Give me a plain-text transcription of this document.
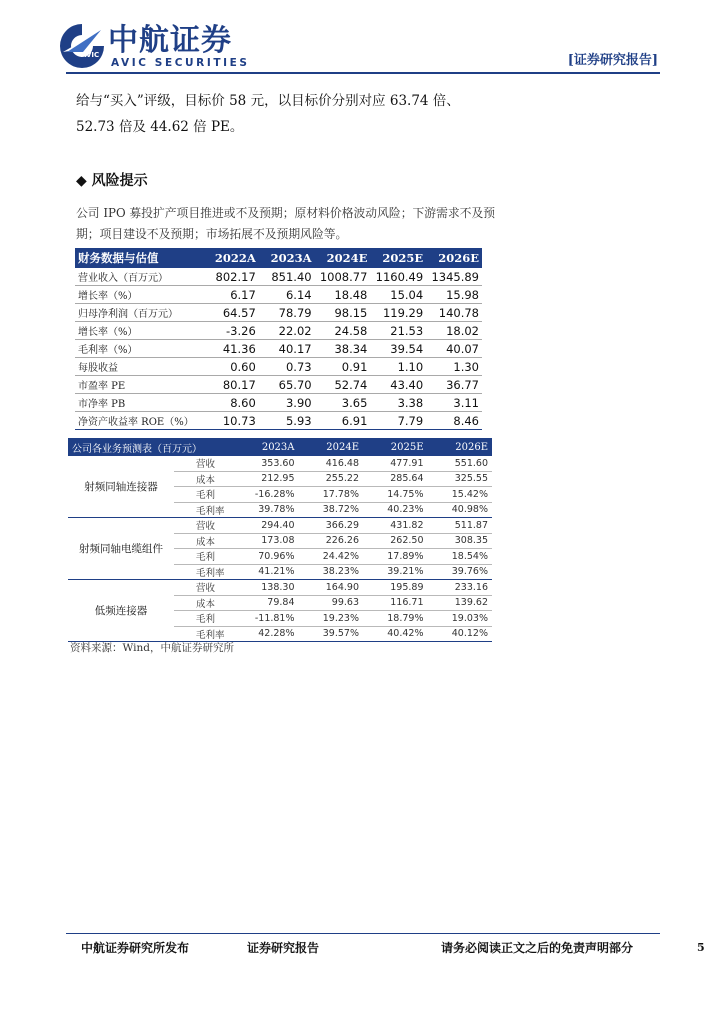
AVIC 中航证券
AVIC SECURITIES	[证券研究报告]
给与“买入”评级，目标价 58 元，以目标价分别对应 63.74 倍、52.73 倍及 44.62 倍 PE。
◆ 风险提示
公司 IPO 募投扩产项目推进或不及预期；原材料价格波动风险；下游需求不及预期；项目建设不及预期；市场拓展不及预期风险等。
财务数据与估值	2022A	2023A	2024E	2025E	2026E
营业收入（百万元）	802.17	851.40	1008.77	1160.49	1345.89
增长率（%）	6.17	6.14	18.48	15.04	15.98
归母净利润（百万元）	64.57	78.79	98.15	119.29	140.78
增长率（%）	-3.26	22.02	24.58	21.53	18.02
毛利率（%）	41.36	40.17	38.34	39.54	40.07
每股收益	0.60	0.73	0.91	1.10	1.30
市盈率 PE	80.17	65.70	52.74	43.40	36.77
市净率 PB	8.60	3.90	3.65	3.38	3.11
净资产收益率 ROE（%）	10.73	5.93	6.91	7.79	8.46
公司各业务预测表（百万元）		2023A	2024E	2025E	2026E
射频同轴连接器	营收	353.60	416.48	477.91	551.60
	成本	212.95	255.22	285.64	325.55
	毛利	-16.28%	17.78%	14.75%	15.42%
	毛利率	39.78%	38.72%	40.23%	40.98%
射频同轴电缆组件	营收	294.40	366.29	431.82	511.87
	成本	173.08	226.26	262.50	308.35
	毛利	70.96%	24.42%	17.89%	18.54%
	毛利率	41.21%	38.23%	39.21%	39.76%
低频连接器	营收	138.30	164.90	195.89	233.16
	成本	79.84	99.63	116.71	139.62
	毛利	-11.81%	19.23%	18.79%	19.03%
	毛利率	42.28%	39.57%	40.42%	40.12%
资料来源：Wind，中航证券研究所
中航证券研究所发布	证券研究报告	请务必阅读正文之后的免责声明部分	5
